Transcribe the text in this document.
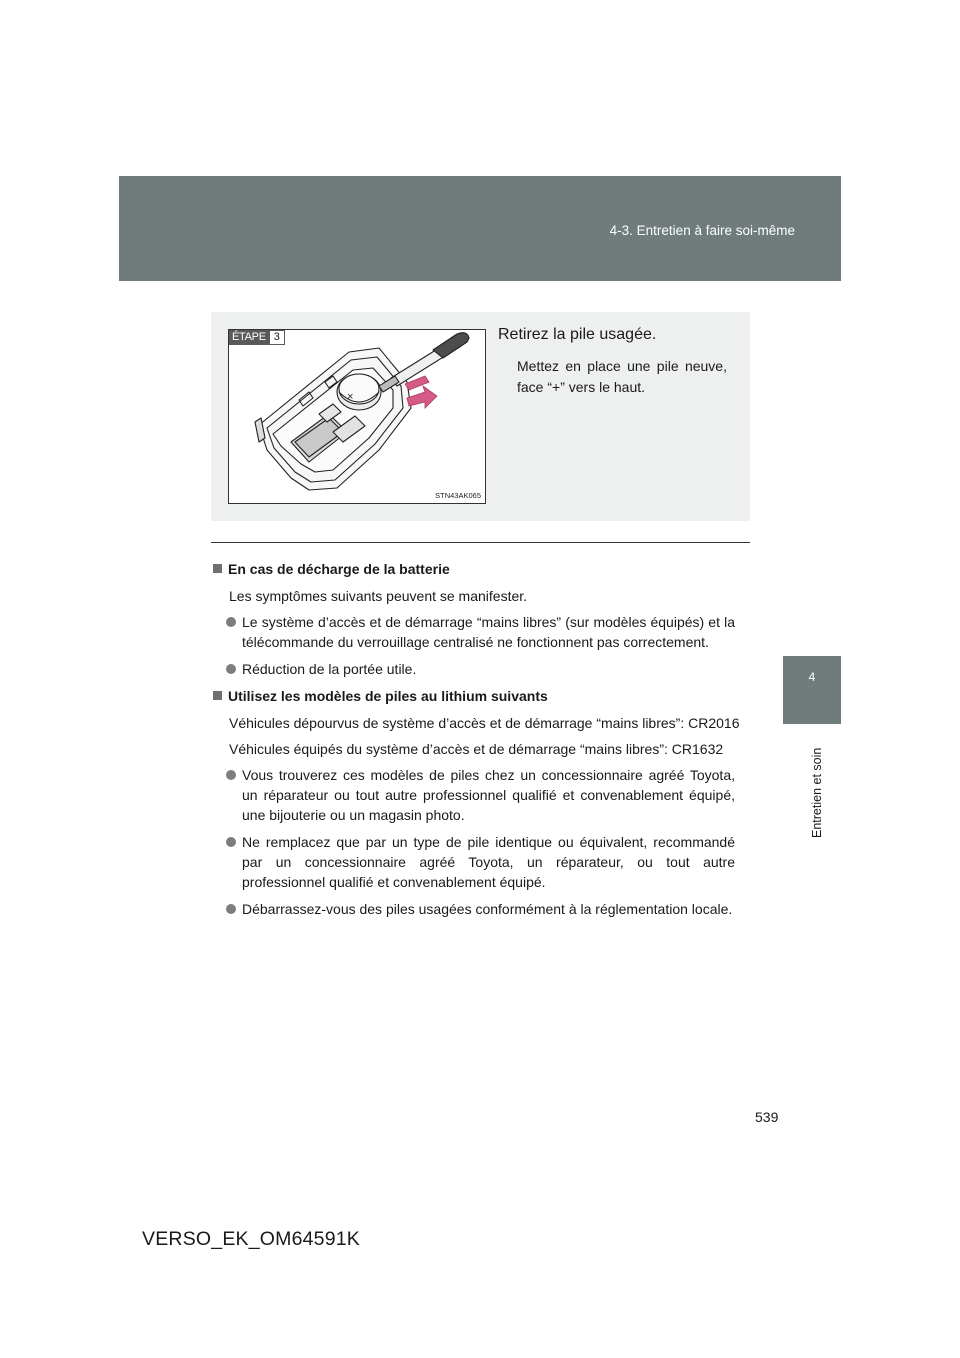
4-3. Entretien à faire soi-même
4
Entretien et soin
×
ÉTAPE 3
STN43AK065
Retirez la pile usagée.
Mettez en place une pile neuve, face “+” vers le haut.
En cas de décharge de la batterie
Les symptômes suivants peuvent se manifester.
Le système d’accès et de démarrage “mains libres” (sur modèles équipés) et la télécommande du verrouillage centralisé ne fonctionnent pas correctement.
Réduction de la portée utile.
Utilisez les modèles de piles au lithium suivants
Véhicules dépourvus de système d’accès et de démarrage “mains libres”: CR2016
Véhicules équipés du système d’accès et de démarrage “mains libres”: CR1632
Vous trouverez ces modèles de piles chez un concessionnaire agréé Toyota, un réparateur ou tout autre professionnel qualifié et convenablement équipé, une bijouterie ou un magasin photo.
Ne remplacez que par un type de pile identique ou équivalent, recommandé par un concessionnaire agréé Toyota, un réparateur, ou tout autre professionnel qualifié et convenablement équipé.
Débarrassez-vous des piles usagées conformément à la réglementation locale.
539
VERSO_EK_OM64591K
